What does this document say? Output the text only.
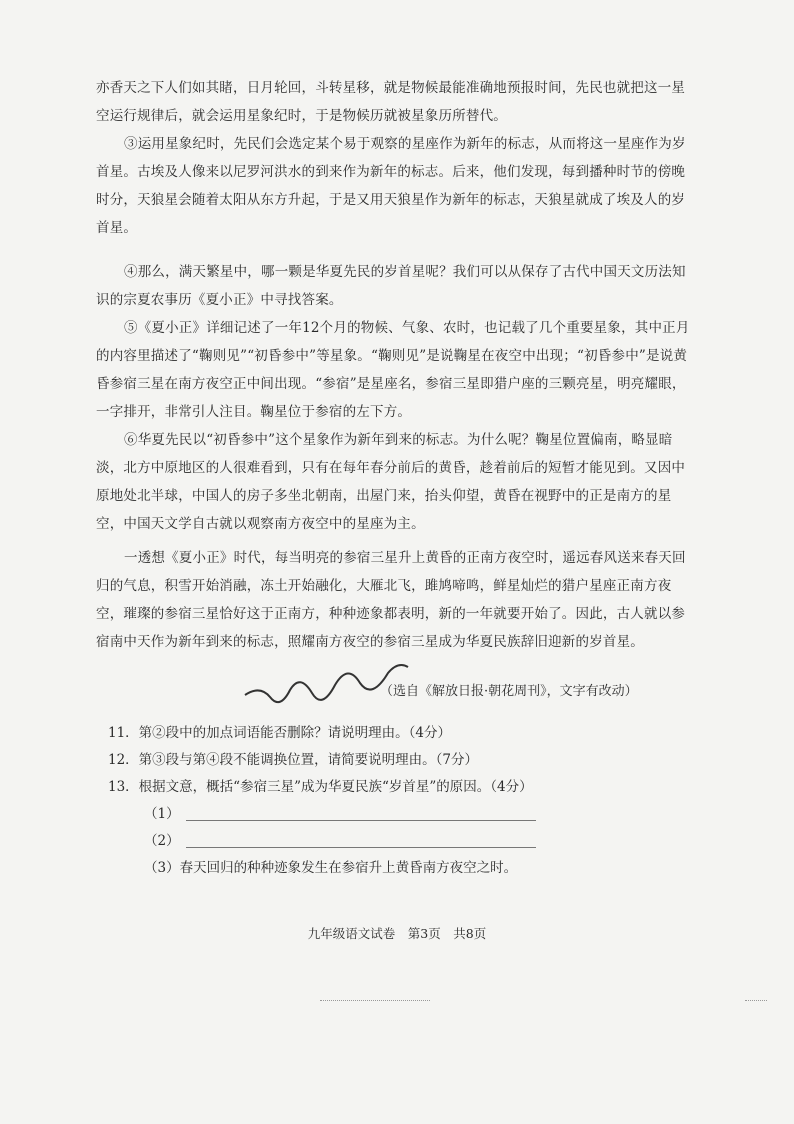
亦香天之下人们如其睹，日月轮回，斗转星移，就是物候最能准确地预报时间，先民也就把这一星空运行规律后，就会运用星象纪时，于是物候历就被星象历所替代。

③运用星象纪时，先民们会选定某个易于观察的星座作为新年的标志，从而将这一星座作为岁首星。古埃及人像来以尼罗河洪水的到来作为新年的标志。后来，他们发现，每到播种时节的傍晚时分，天狼星会随着太阳从东方升起，于是又用天狼星作为新年的标志，天狼星就成了埃及人的岁首星。

④那么，满天繁星中，哪一颗是华夏先民的岁首星呢？我们可以从保存了古代中国天文历法知识的宗夏农事历《夏小正》中寻找答案。

⑤《夏小正》详细记述了一年12个月的物候、气象、农时，也记载了几个重要星象，其中正月的内容里描述了“鞠则见”“初昏参中”等星象。“鞠则见”是说鞠星在夜空中出现；“初昏参中”是说黄昏参宿三星在南方夜空正中间出现。“参宿”是星座名，参宿三星即猎户座的三颗亮星，明亮耀眼，一字排开，非常引人注目。鞠星位于参宿的左下方。

⑥华夏先民以“初昏参中”这个星象作为新年到来的标志。为什么呢？鞠星位置偏南，略显暗淡，北方中原地区的人很难看到，只有在每年春分前后的黄昏，趁着前后的短暂才能见到。又因中原地处北半球，中国人的房子多坐北朝南，出屋门来，抬头仰望，黄昏在视野中的正是南方的星空，中国天文学自古就以观察南方夜空中的星座为主。

一透想《夏小正》时代，每当明亮的参宿三星升上黄昏的正南方夜空时，遥远春风送来春天回归的气息，积雪开始消融，冻土开始融化，大雁北飞，雎鸠啼鸣，鲜星灿烂的猎户星座正南方夜空，璀璨的参宿三星恰好这于正南方，种种迹象都表明，新的一年就要开始了。因此，古人就以参宿南中天作为新年到来的标志，照耀南方夜空的参宿三星成为华夏民族辞旧迎新的岁首星。

（选自《解放日报·朝花周刊》，文字有改动）

11．第②段中的加点词语能否删除？请说明理由。（4分）

12．第③段与第④段不能调换位置，请简要说明理由。（7分）

13．根据文意，概括“参宿三星”成为华夏民族“岁首星”的原因。（4分）

（1）

（2）

（3）春天回归的种种迹象发生在参宿升上黄昏南方夜空之时。

九年级语文试卷　第3页　共8页
